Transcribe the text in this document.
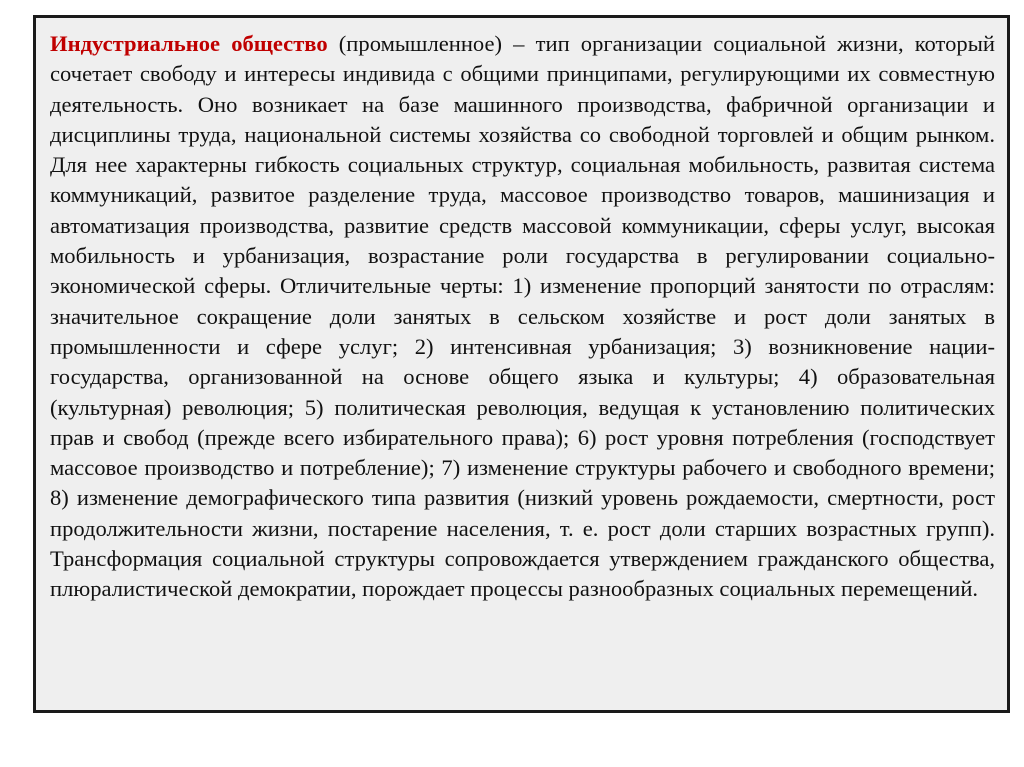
Индустриальное общество (промышленное) – тип организации социальной жизни, который сочетает свободу и интересы индивида с общими принципами, регулирующими их совместную деятельность. Оно возникает на базе машинного производства, фабричной организации и дисциплины труда, национальной системы хозяйства со свободной торговлей и общим рынком. Для нее характерны гибкость социальных структур, социальная мобильность, развитая система коммуникаций, развитое разделение труда, массовое производство товаров, машинизация и автоматизация производства, развитие средств массовой коммуникации, сферы услуг, высокая мобильность и урбанизация, возрастание роли государства в регулировании социально-экономической сферы. Отличительные черты: 1) изменение пропорций занятости по отраслям: значительное сокращение доли занятых в сельском хозяйстве и рост доли занятых в промышленности и сфере услуг; 2) интенсивная урбанизация; 3) возникновение нации-государства, организованной на основе общего языка и культуры; 4) образовательная (культурная) революция; 5) политическая революция, ведущая к установлению политических прав и свобод (прежде всего избирательного права); 6) рост уровня потребления (господствует массовое производство и потребление); 7) изменение структуры рабочего и свободного времени; 8) изменение демографического типа развития (низкий уровень рождаемости, смертности, рост продолжительности жизни, постарение населения, т. е. рост доли старших возрастных групп). Трансформация социальной структуры сопровождается утверждением гражданского общества, плюралистической демократии, порождает процессы разнообразных социальных перемещений.
